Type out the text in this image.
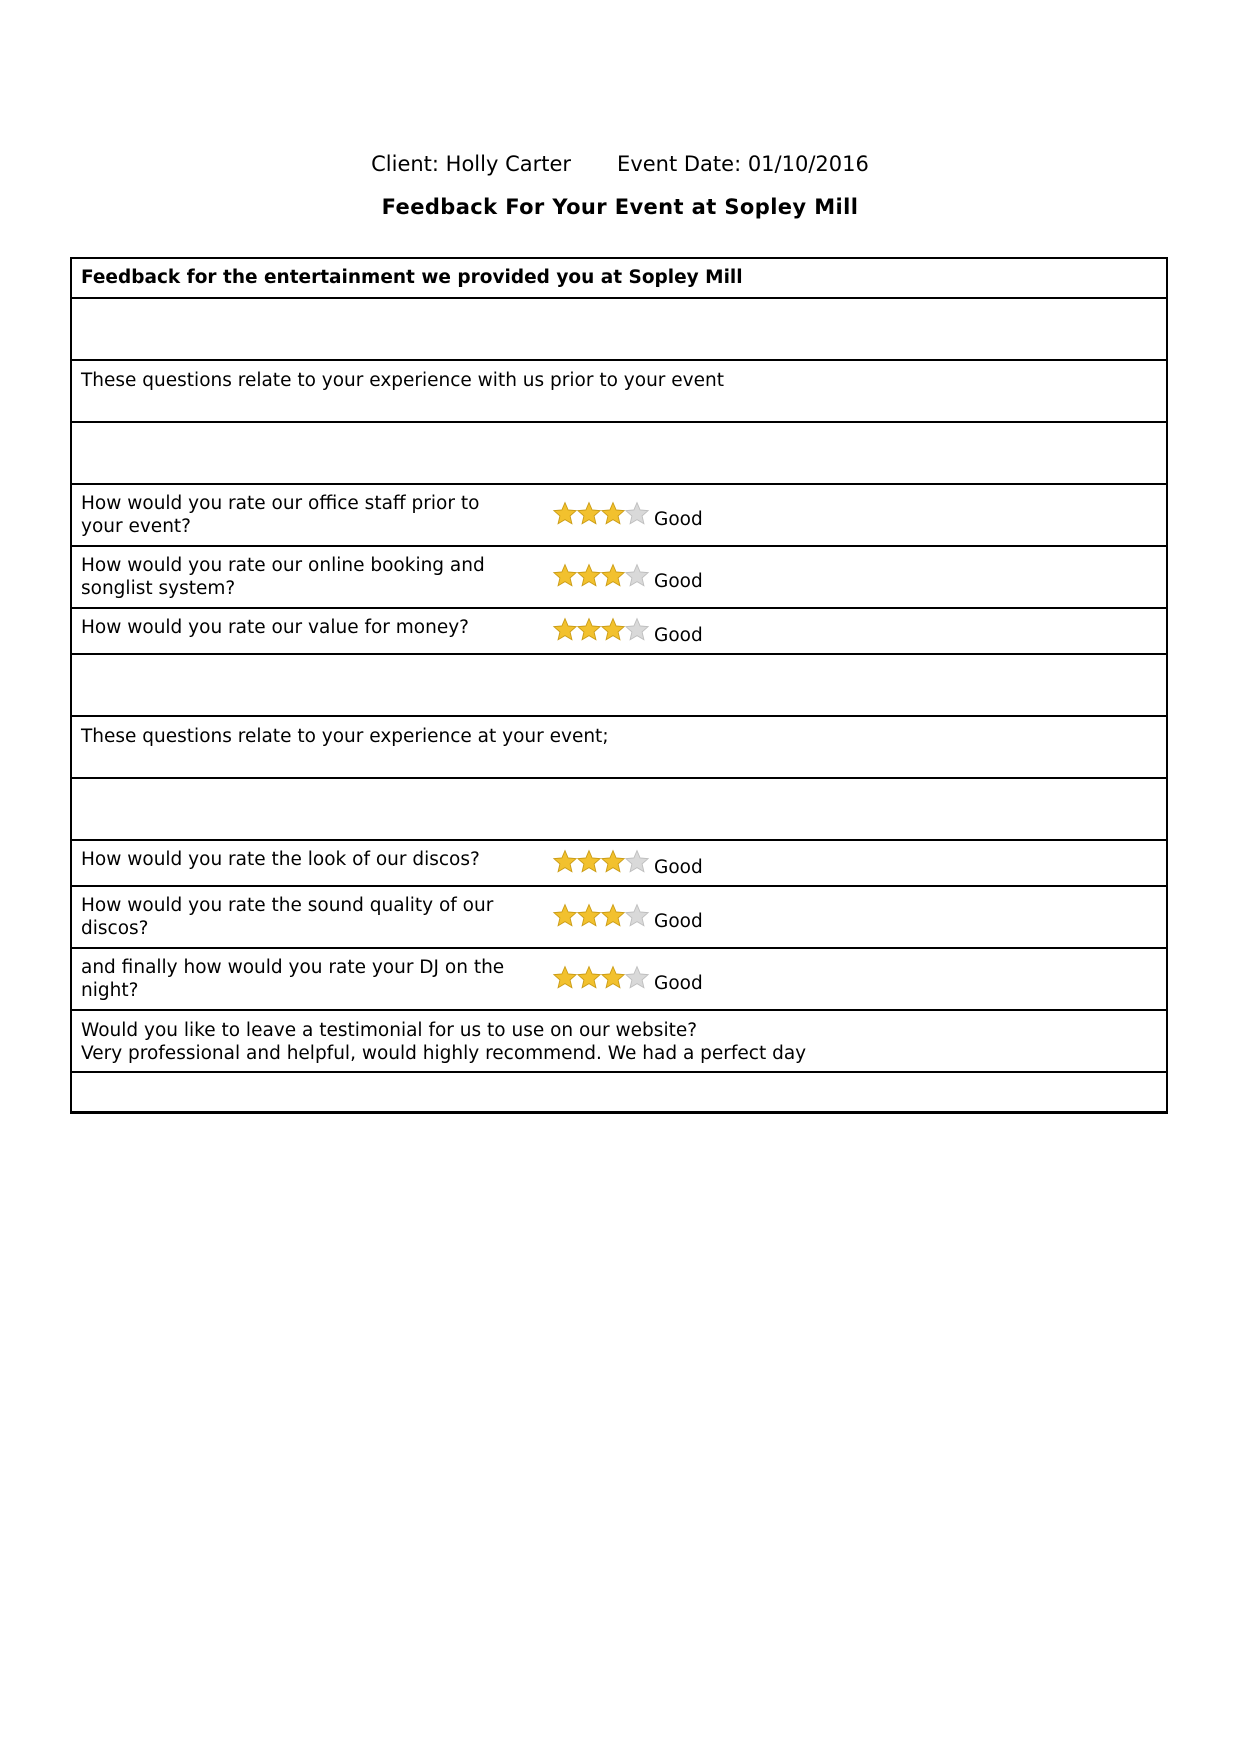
Client: Holly Carter Event Date: 01/10/2016
Feedback For Your Event at Sopley Mill
Feedback for the entertainment we provided you at Sopley Mill
These questions relate to your experience with us prior to your event
How would you rate our office staff prior to your event?	Good
How would you rate our online booking and songlist system?	Good
How would you rate our value for money?	Good
These questions relate to your experience at your event;
How would you rate the look of our discos?	Good
How would you rate the sound quality of our discos?	Good
and finally how would you rate your DJ on the night?	Good
Would you like to leave a testimonial for us to use on our website?
Very professional and helpful, would highly recommend. We had a perfect day
